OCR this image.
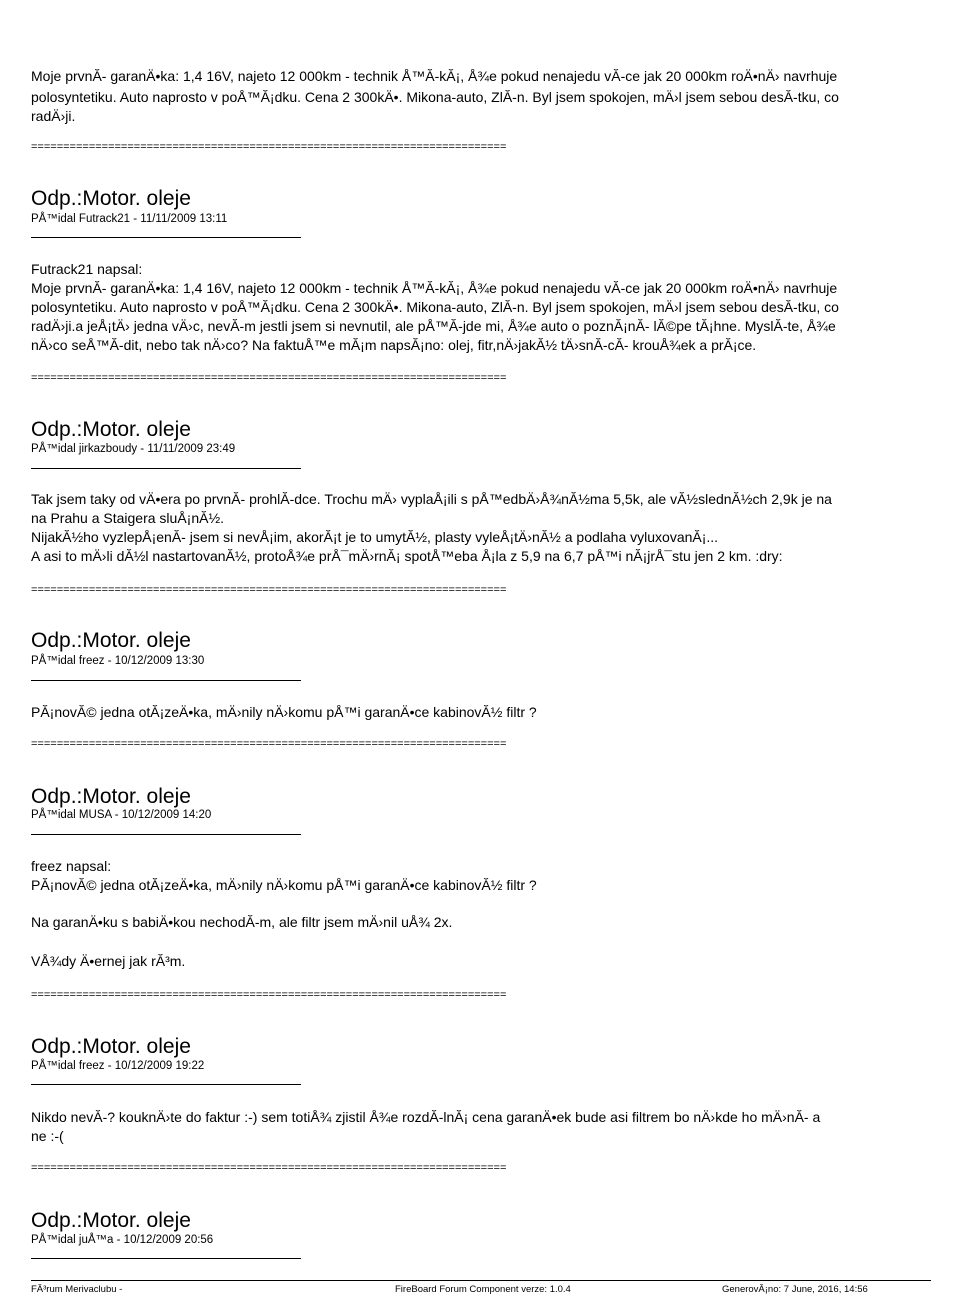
Moje prvnĂ- garanÄ•ka: 1,4 16V, najeto 12 000km - technik Å™Ă-kĂ¡, Å¾e pokud nenajedu vĂ-ce jak 20 000km roÄ•nÄ› navrhuje
polosyntetiku. Auto naprosto v poÅ™Ă¡dku. Cena 2 300kÄ•. Mikona-auto, ZlĂ-n. Byl jsem spokojen, mÄ›l jsem sebou desĂ-tku, co
radÄ›ji.
==========================================================================
Odp.:Motor. oleje
PÅ™idal Futrack21 - 11/11/2009 13:11
Futrack21 napsal:
Moje prvnĂ- garanÄ•ka: 1,4 16V, najeto 12 000km - technik Å™Ă-kĂ¡, Å¾e pokud nenajedu vĂ-ce jak 20 000km roÄ•nÄ› navrhuje
polosyntetiku. Auto naprosto v poÅ™Ă¡dku. Cena 2 300kÄ•. Mikona-auto, ZlĂ-n. Byl jsem spokojen, mÄ›l jsem sebou desĂ-tku, co
radÄ›ji.a jeÅ¡tÄ› jedna vÄ›c, nevĂ-m jestli jsem si nevnutil, ale pÅ™Ă-jde mi, Å¾e auto o poznĂ¡nĂ- lĂ©pe tĂ¡hne. MyslĂ-te, Å¾e
nÄ›co seÅ™Ă-dit, nebo tak nÄ›co? Na faktuÅ™e mĂ¡m napsĂ¡no: olej, fitr,nÄ›jakĂ½ tÄ›snĂ-cĂ- krouÅ¾ek a prĂ¡ce.
==========================================================================
Odp.:Motor. oleje
PÅ™idal jirkazboudy - 11/11/2009 23:49
Tak jsem taky od vÄ•era po prvnĂ- prohlĂ-dce. Trochu mÄ› vyplaÅ¡ili s pÅ™edbÄ›Å¾nĂ½ma 5,5k, ale vĂ½slednĂ½ch 2,9k je na
na Prahu a Staigera sluÅ¡nĂ½.
NijakĂ½ho vyzlepÅ¡enĂ- jsem si nevÅ¡im, akorĂ¡t je to umytĂ½, plasty vyleÅ¡tÄ›nĂ½ a podlaha vyluxovanĂ¡...
A asi to mÄ›li dĂ½l nastartovanĂ½, protoÅ¾e prÅ¯mÄ›rnĂ¡ spotÅ™eba Å¡la z 5,9 na 6,7 pÅ™i nĂ¡jrÅ¯stu jen 2 km. :dry:
==========================================================================
Odp.:Motor. oleje
PÅ™idal freez - 10/12/2009 13:30
PĂ¡novĂ© jedna otĂ¡zeÄ•ka, mÄ›nily nÄ›komu pÅ™i garanÄ•ce kabinovĂ½ filtr ?
==========================================================================
Odp.:Motor. oleje
PÅ™idal MUSA - 10/12/2009 14:20
freez napsal:
PĂ¡novĂ© jedna otĂ¡zeÄ•ka, mÄ›nily nÄ›komu pÅ™i garanÄ•ce kabinovĂ½ filtr ?
Na garanÄ•ku s babiÄ•kou nechodĂ-m, ale filtr jsem mÄ›nil uÅ¾ 2x.
VÅ¾dy Ä•ernej jak rĂ³m.
==========================================================================
Odp.:Motor. oleje
PÅ™idal freez - 10/12/2009 19:22
Nikdo nevĂ-? kouknÄ›te do faktur :-) sem totiÅ¾ zjistil Å¾e rozdĂ-lnĂ¡ cena garanÄ•ek bude asi filtrem bo nÄ›kde ho mÄ›nĂ- a
ne :-(
==========================================================================
Odp.:Motor. oleje
PÅ™idal juÅ™a - 10/12/2009 20:56
FĂ³rum Merivaclubu -	FireBoard Forum Component verze: 1.0.4	GenerovĂ¡no: 7 June, 2016, 14:56
